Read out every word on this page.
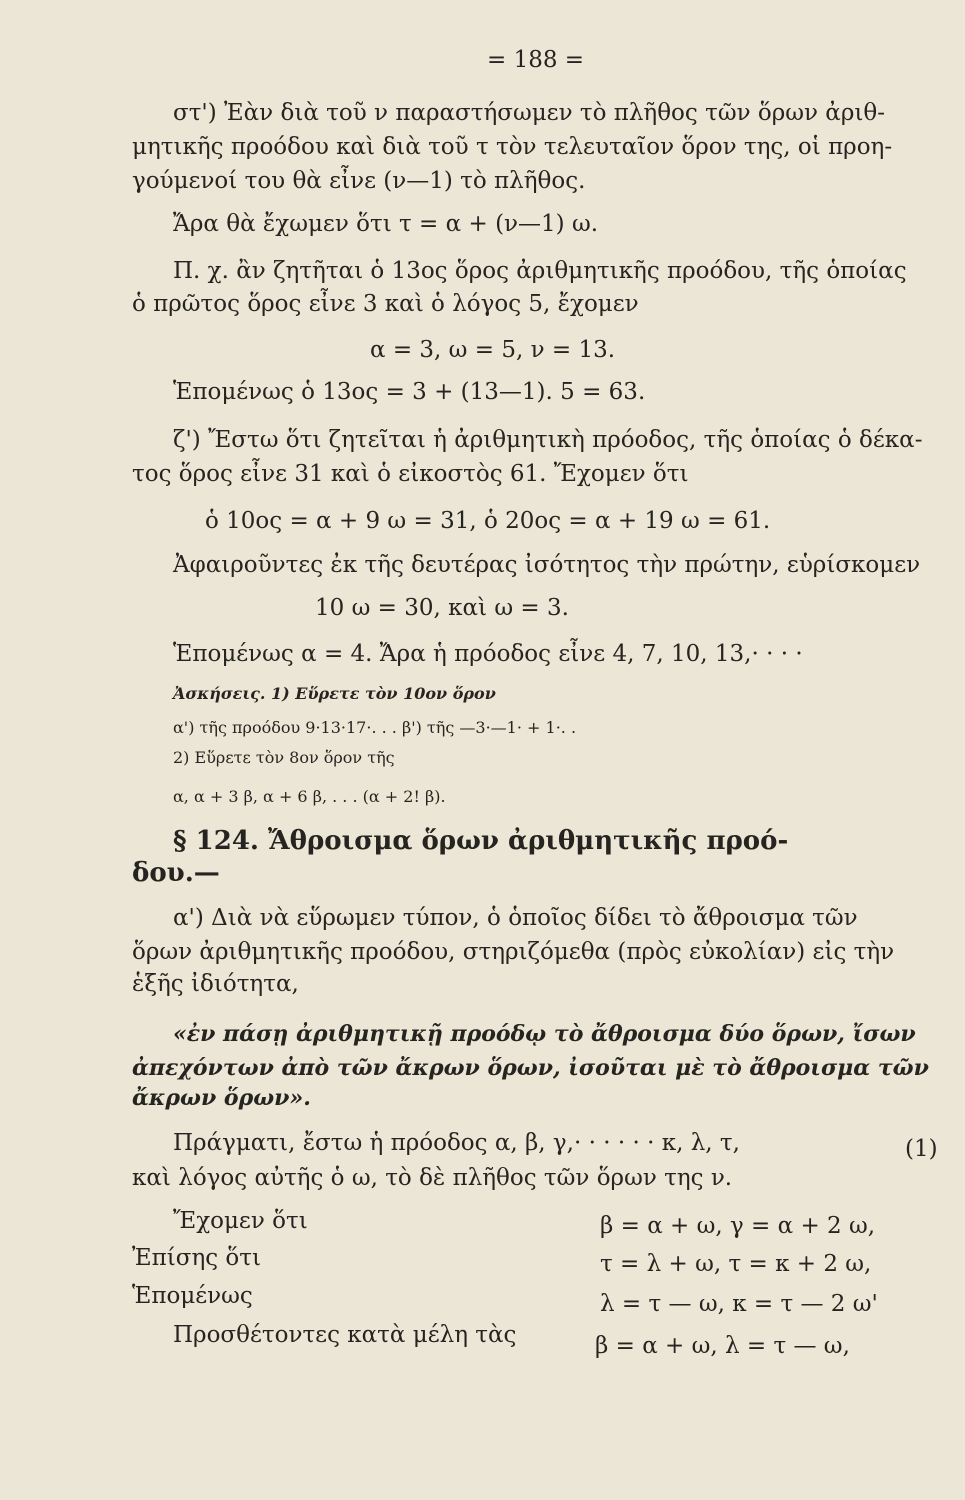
= 188 =
στ') Ἐὰν διὰ τοῦ ν παραστήσωμεν τὸ πλῆθος τῶν ὅρων ἀριθ-
μητικῆς προόδου καὶ διὰ τοῦ τ τὸν τελευταῖον ὅρον της, οἱ προη-
γούμενοί του θὰ εἶνε (ν—1) τὸ πλῆθος.
Ἄρα θὰ ἔχωμεν ὅτι τ = α + (ν—1) ω.
Π. χ. ἂν ζητῆται ὁ 13ος ὅρος ἀριθμητικῆς προόδου, τῆς ὁποίας
ὁ πρῶτος ὅρος εἶνε 3 καὶ ὁ λόγος 5, ἔχομεν
α = 3, ω = 5, ν = 13.
Ἑπομένως ὁ 13ος = 3 + (13—1). 5 = 63.
ζ') Ἔστω ὅτι ζητεῖται ἡ ἀριθμητικὴ πρόοδος, τῆς ὁποίας ὁ δέκα-
τος ὅρος εἶνε 31 καὶ ὁ εἰκοστὸς 61. Ἔχομεν ὅτι
ὁ 10ος = α + 9 ω = 31, ὁ 20ος = α + 19 ω = 61.
Ἀφαιροῦντες ἐκ τῆς δευτέρας ἰσότητος τὴν πρώτην, εὑρίσκομεν
10 ω = 30, καὶ ω = 3.
Ἑπομένως α = 4. Ἄρα ἡ πρόοδος εἶνε 4, 7, 10, 13,· · · ·
Ἀσκήσεις. 1) Εὕρετε τὸν 10ον ὅρον
α') τῆς προόδου 9·13·17·. . . β') τῆς —3·—1· + 1·. .
2) Εὕρετε τὸν 8ον ὅρον τῆς
α, α + 3 β, α + 6 β, . . . (α + 2! β).
§ 124. Ἄθροισμα ὅρων ἀριθμητικῆς προό-
δου.—
α') Διὰ νὰ εὕρωμεν τύπον, ὁ ὁποῖος δίδει τὸ ἄθροισμα τῶν
ὅρων ἀριθμητικῆς προόδου, στηριζόμεθα (πρὸς εὐκολίαν) εἰς τὴν
ἑξῆς ἰδιότητα,
«ἐν πάσῃ ἀριθμητικῇ προόδῳ τὸ ἄθροισμα δύο ὅρων, ἴσων
ἀπεχόντων ἀπὸ τῶν ἄκρων ὅρων, ἰσοῦται μὲ τὸ ἄθροισμα τῶν
ἄκρων ὅρων».
Πράγματι, ἔστω ἡ πρόοδος α, β, γ,· · · · · · κ, λ, τ,	(1)
καὶ λόγος αὐτῆς ὁ ω, τὸ δὲ πλῆθος τῶν ὅρων της ν.
Ἔχομεν ὅτι	β = α + ω, γ = α + 2 ω,
Ἐπίσης ὅτι	τ = λ + ω, τ = κ + 2 ω,
Ἑπομένως	λ = τ — ω, κ = τ — 2 ω'
Προσθέτοντες κατὰ μέλη τὰς	β = α + ω, λ = τ — ω,
